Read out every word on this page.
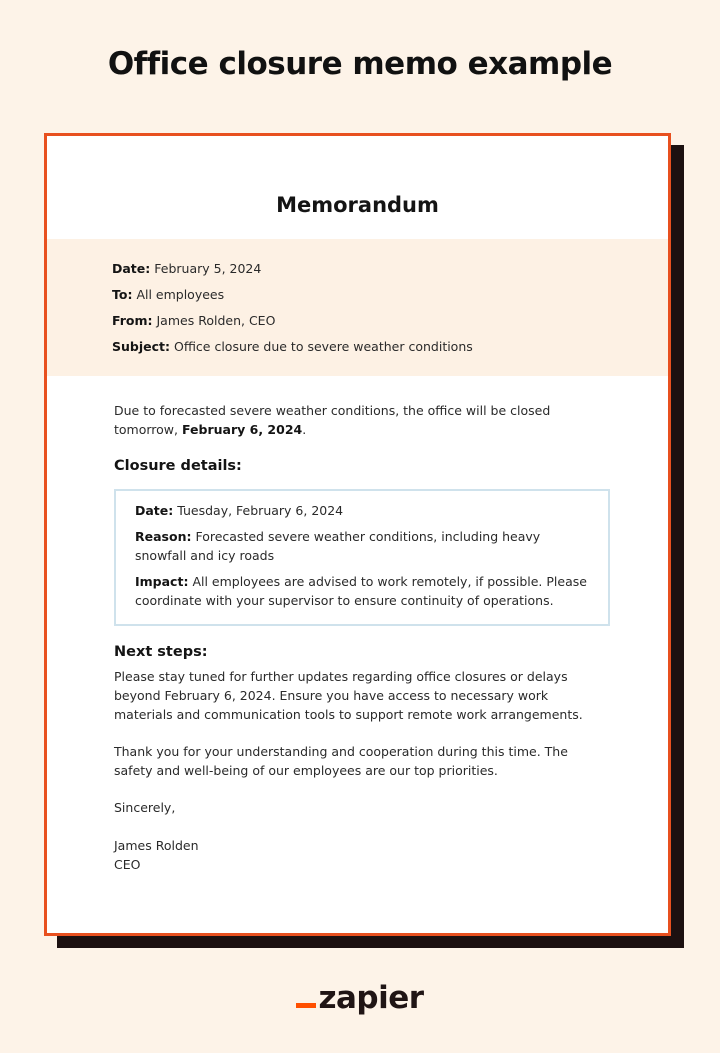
Office closure memo example
Memorandum
Date: February 5, 2024
To: All employees
From: James Rolden, CEO
Subject: Office closure due to severe weather conditions
Due to forecasted severe weather conditions, the office will be closed tomorrow, February 6, 2024.
Closure details:
Date: Tuesday, February 6, 2024
Reason: Forecasted severe weather conditions, including heavy snowfall and icy roads
Impact: All employees are advised to work remotely, if possible. Please coordinate with your supervisor to ensure continuity of operations.
Next steps:
Please stay tuned for further updates regarding office closures or delays beyond February 6, 2024. Ensure you have access to necessary work materials and communication tools to support remote work arrangements.
Thank you for your understanding and cooperation during this time. The safety and well-being of our employees are our top priorities.
Sincerely,
James Rolden
CEO
zapier
